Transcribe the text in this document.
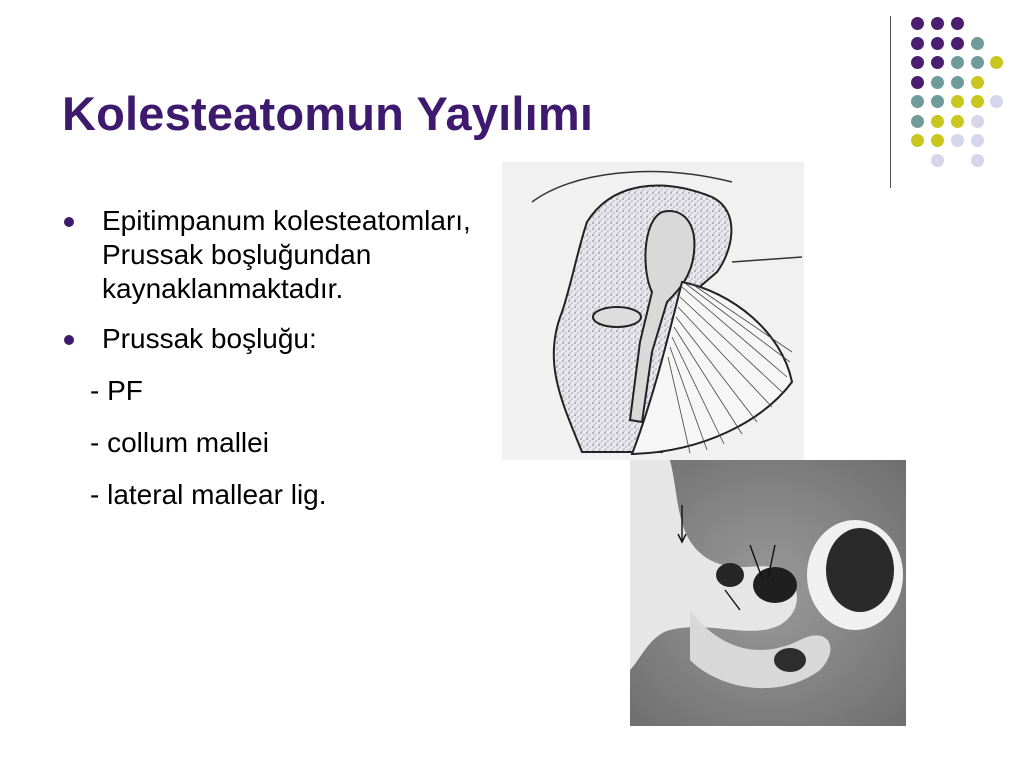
Kolesteatomun Yayılımı
Epitimpanum kolesteatomları, Prussak boşluğundan kaynaklanmaktadır.
Prussak boşluğu:
- PF
- collum mallei
- lateral mallear lig.
